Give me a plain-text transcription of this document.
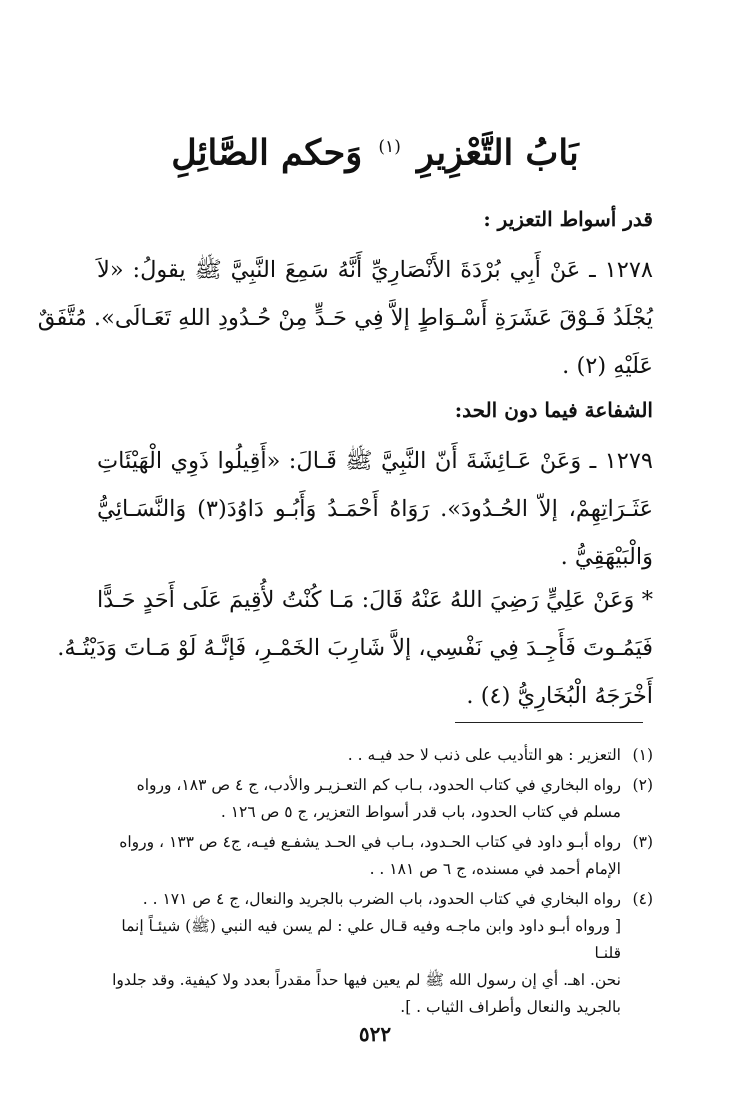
بَابُ التَّعْزِيرِ $^{(١)}$ وَحكم الصَّائِلِ
قدر أسواط التعزير :
١٢٧٨ ـ عَنْ أَبِي بُرْدَةَ الأَنْصَارِيِّ أَنَّهُ سَمِعَ النَّبِيَّ ﷺ يقولُ: «لاَ
يُجْلَدُ فَـوْقَ عَشَرَةِ أَسْـوَاطٍ إلاَّ فِي حَـدٍّ مِنْ حُـدُودِ اللهِ تَعَـالَى». مُتَّفَقٌ
عَلَيْهِ (٢) .
الشفاعة فيما دون الحد:
١٢٧٩ ـ وَعَنْ عَـائِشَةَ أَنّ النَّبِيَّ ﷺ قَـالَ: «أَقِيلُوا ذَوِي الْهَيْئَاتِ
عَثَـرَاتِهِمْ، إلاّ الحُـدُودَ». رَوَاهُ أَحْمَـدُ وَأَبُـو دَاوُدَ(٣) وَالنَّسَـائِيُّ
وَالْبَيْهَقِيُّ .
* وَعَنْ عَلِيٍّ رَضِيَ اللهُ عَنْهُ قَالَ: مَـا كُنْتُ لأُقِيمَ عَلَى أَحَدٍ حَـدًّا
فَيَمُـوتَ فَأَجِـدَ فِي نَفْسِي، إلاَّ شَارِبَ الخَمْـرِ، فَإنَّـهُ لَوْ مَـاتَ وَدَيْتُـهُ.
أَخْرَجَهُ الْبُخَارِيُّ (٤) .
(١)
التعزير : هو التأديب على ذنب لا حد فيـه . .
(٢)
رواه البخاري في كتاب الحدود، بـاب كم التعـزيـر والأدب، ج ٤ ص ١٨٣، ورواه
مسلم في كتاب الحدود، باب قدر أسواط التعزير، ج ٥ ص ١٢٦ .
(٣)
رواه أبـو داود في كتاب الحـدود، بـاب في الحـد يشفـع فيـه، ج٤ ص ١٣٣ ، ورواه
الإمام أحمد في مسنده، ج ٦ ص ١٨١ . .
(٤)
رواه البخاري في كتاب الحدود، باب الضرب بالجريد والنعال، ج ٤ ص ١٧١ . .
[ ورواه أبـو داود وابن ماجـه وفيه قـال علي : لم يسن فيه النبي (ﷺ) شيئـاً إنما قلنـا
نحن. اهـ. أي إن رسول الله ﷺ لم يعين فيها حداً مقدراً بعدد ولا كيفية. وقد جلدوا
بالجريد والنعال وأطراف الثياب . ].
٥٢٢
